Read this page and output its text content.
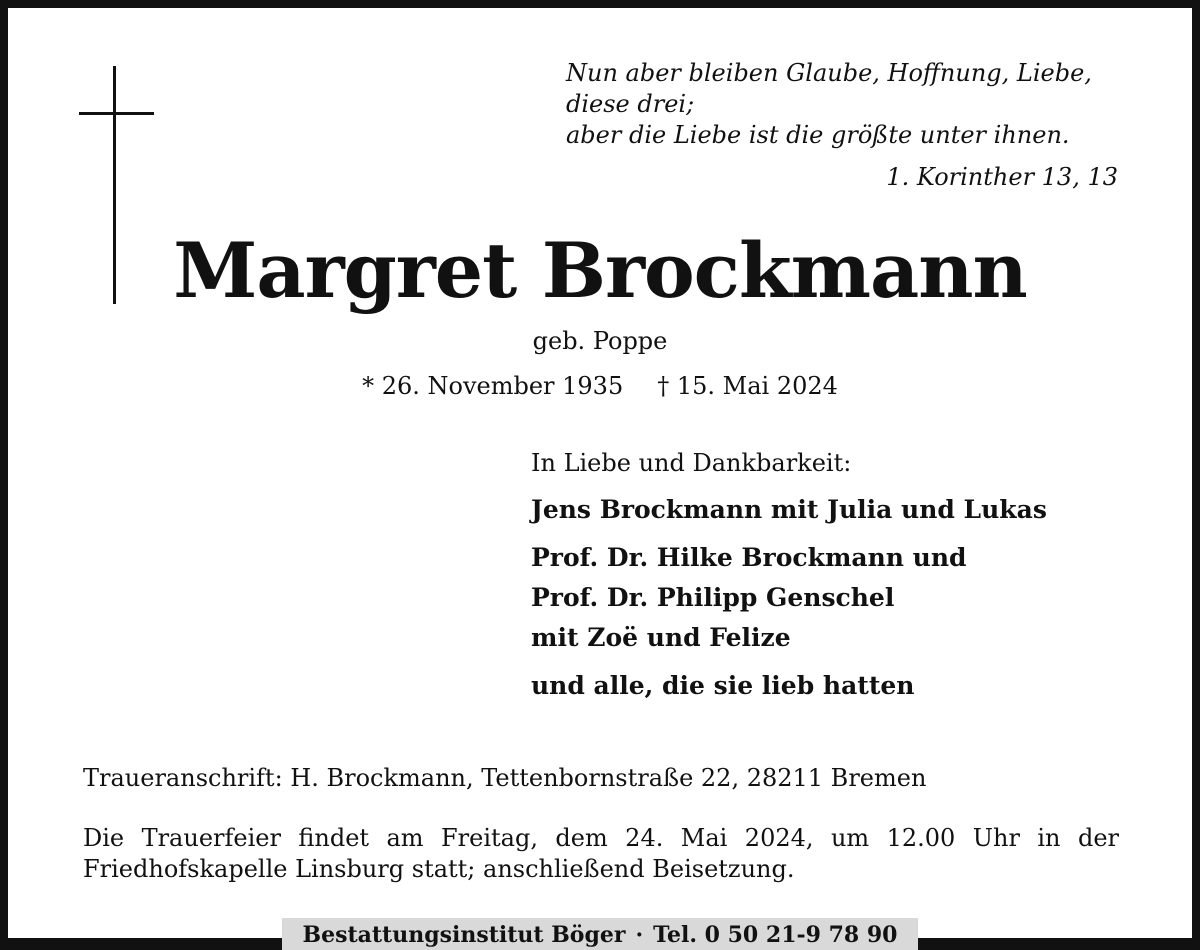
Nun aber bleiben Glaube, Hoffnung, Liebe,
diese drei;
aber die Liebe ist die größte unter ihnen.
1. Korinther 13, 13
Margret Brockmann
geb. Poppe
* 26. November 1935 † 15. Mai 2024
In Liebe und Dankbarkeit:
Jens Brockmann mit Julia und Lukas
Prof. Dr. Hilke Brockmann und
Prof. Dr. Philipp Genschel
mit Zoë und Felize
und alle, die sie lieb hatten
Traueranschrift: H. Brockmann, Tettenbornstraße 22, 28211 Bremen
Die Trauerfeier findet am Freitag, dem 24. Mai 2024, um 12.00 Uhr in der
Friedhofskapelle Linsburg statt; anschließend Beisetzung.
Bestattungsinstitut Böger · Tel. 0 50 21-9 78 90
